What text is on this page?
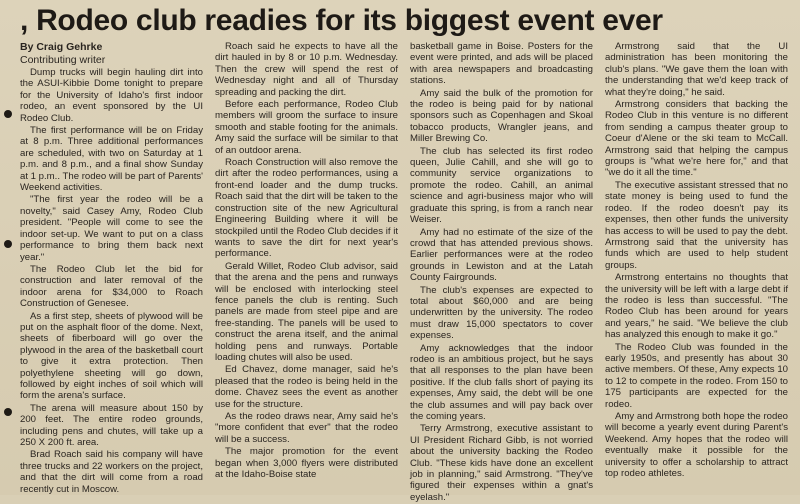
, Rodeo club readies for its biggest event ever

By Craig Gehrke

Contributing writer

Dump trucks will begin hauling dirt into the ASUI-Kibbie Dome tonight to prepare for the University of Idaho's first indoor rodeo, an event sponsored by the UI Rodeo Club.

The first performance will be on Friday at 8 p.m. Three additional performances are scheduled, with two on Saturday at 1 p.m. and 8 p.m., and a final show Sunday at 1 p.m.. The rodeo will be part of Parents' Weekend activities.

"The first year the rodeo will be a novelty," said Casey Amy, Rodeo Club president. "People will come to see the indoor set-up. We want to put on a class performance to bring them back next year."

The Rodeo Club let the bid for construction and later removal of the indoor arena for $34,000 to Roach Construction of Genesee.

As a first step, sheets of plywood will be put on the asphalt floor of the dome. Next, sheets of fiberboard will go over the plywood in the area of the basketball court to give it extra protection. Then polyethylene sheeting will go down, followed by eight inches of soil which will form the arena's surface.

The arena will measure about 150 by 200 feet. The entire rodeo grounds, including pens and chutes, will take up a 250 X 200 ft. area.

Brad Roach said his company will have three trucks and 22 workers on the project, and that the dirt will come from a road recently cut in Moscow.

Roach said he expects to have all the dirt hauled in by 8 or 10 p.m. Wednesday. Then the crew will spend the rest of Wednesday night and all of Thursday spreading and packing the dirt.

Before each performance, Rodeo Club members will groom the surface to insure smooth and stable footing for the animals. Amy said the surface will be similar to that of an outdoor arena.

Roach Construction will also remove the dirt after the rodeo performances, using a front-end loader and the dump trucks. Roach said that the dirt will be taken to the construction site of the new Agricultural Engineering Building where it will be stockpiled until the Rodeo Club decides if it wants to save the dirt for next year's performance.

Gerald Willet, Rodeo Club advisor, said that the arena and the pens and runways will be enclosed with interlocking steel fence panels the club is renting. Such panels are made from steel pipe and are free-standing. The panels will be used to construct the arena itself, and the animal holding pens and runways. Portable loading chutes will also be used.

Ed Chavez, dome manager, said he's pleased that the rodeo is being held in the dome. Chavez sees the event as another use for the structure.

As the rodeo draws near, Amy said he's "more confident that ever" that the rodeo will be a success.

The major promotion for the event began when 3,000 flyers were distributed at the Idaho-Boise state

basketball game in Boise. Posters for the event were printed, and ads will be placed with area newspapers and broadcasting stations.

Amy said the bulk of the promotion for the rodeo is being paid for by national sponsors such as Copenhagen and Skoal tobacco products, Wrangler jeans, and Miller Brewing Co.

The club has selected its first rodeo queen, Julie Cahill, and she will go to community service organizations to promote the rodeo. Cahill, an animal science and agri-business major who will graduate this spring, is from a ranch near Weiser.

Amy had no estimate of the size of the crowd that has attended previous shows. Earlier performances were at the rodeo grounds in Lewiston and at the Latah County Fairgrounds.

The club's expenses are expected to total about $60,000 and are being underwritten by the university. The rodeo must draw 15,000 spectators to cover expenses.

Amy acknowledges that the indoor rodeo is an ambitious project, but he says that all responses to the plan have been positive. If the club falls short of paying its expenses, Amy said, the debt will be one the club assumes and will pay back over the coming years.

Terry Armstrong, executive assistant to UI President Richard Gibb, is not worried about the university backing the Rodeo Club. "These kids have done an excellent job in planning," said Armstrong. "They've figured their expenses within a gnat's eyelash."

Armstrong said that the UI administration has been monitoring the club's plans. "We gave them the loan with the understanding that we'd keep track of what they're doing," he said.

Armstrong considers that backing the Rodeo Club in this venture is no different from sending a campus theater group to Coeur d'Alene or the ski team to McCall. Armstrong said that helping the campus groups is "what we're here for," and that "we do it all the time."

The executive assistant stressed that no state money is being used to fund the rodeo. If the rodeo doesn't pay its expenses, then other funds the university has access to will be used to pay the debt. Armstrong said that the university has funds which are used to help student groups.

Armstrong entertains no thoughts that the university will be left with a large debt if the rodeo is less than successful. "The Rodeo Club has been around for years and years," he said. "We believe the club has analyzed this enough to make it go."

The Rodeo Club was founded in the early 1950s, and presently has about 30 active members. Of these, Amy expects 10 to 12 to compete in the rodeo. From 150 to 175 participants are expected for the rodeo.

Amy and Armstrong both hope the rodeo will become a yearly event during Parent's Weekend. Amy hopes that the rodeo will eventually make it possible for the university to offer a scholarship to attract top rodeo athletes.
